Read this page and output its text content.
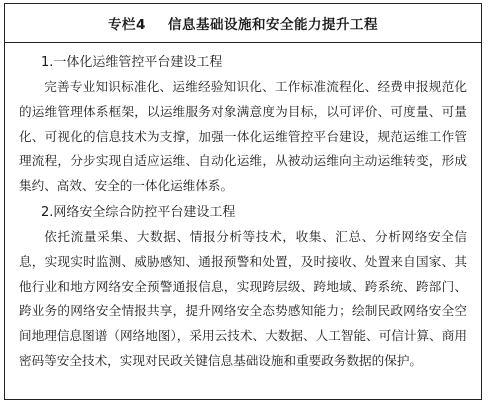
专栏4 信息基础设施和安全能力提升工程
1.一体化运维管控平台建设工程

完善专业知识标准化、运维经验知识化、工作标准流程化、经费申报规范化的运维管理体系框架，以运维服务对象满意度为目标，以可评价、可度量、可量化、可视化的信息技术为支撑，加强一体化运维管控平台建设，规范运维工作管理流程，分步实现自适应运维、自动化运维，从被动运维向主动运维转变，形成集约、高效、安全的一体化运维体系。

2.网络安全综合防控平台建设工程

依托流量采集、大数据、情报分析等技术，收集、汇总、分析网络安全信息，实现实时监测、威胁感知、通报预警和处置，及时接收、处置来自国家、其他行业和地方网络安全预警通报信息，实现跨层级、跨地域、跨系统、跨部门、跨业务的网络安全情报共享，提升网络安全态势感知能力；绘制民政网络安全空间地理信息图谱（网络地图），采用云技术、大数据、人工智能、可信计算、商用密码等安全技术，实现对民政关键信息基础设施和重要政务数据的保护。
